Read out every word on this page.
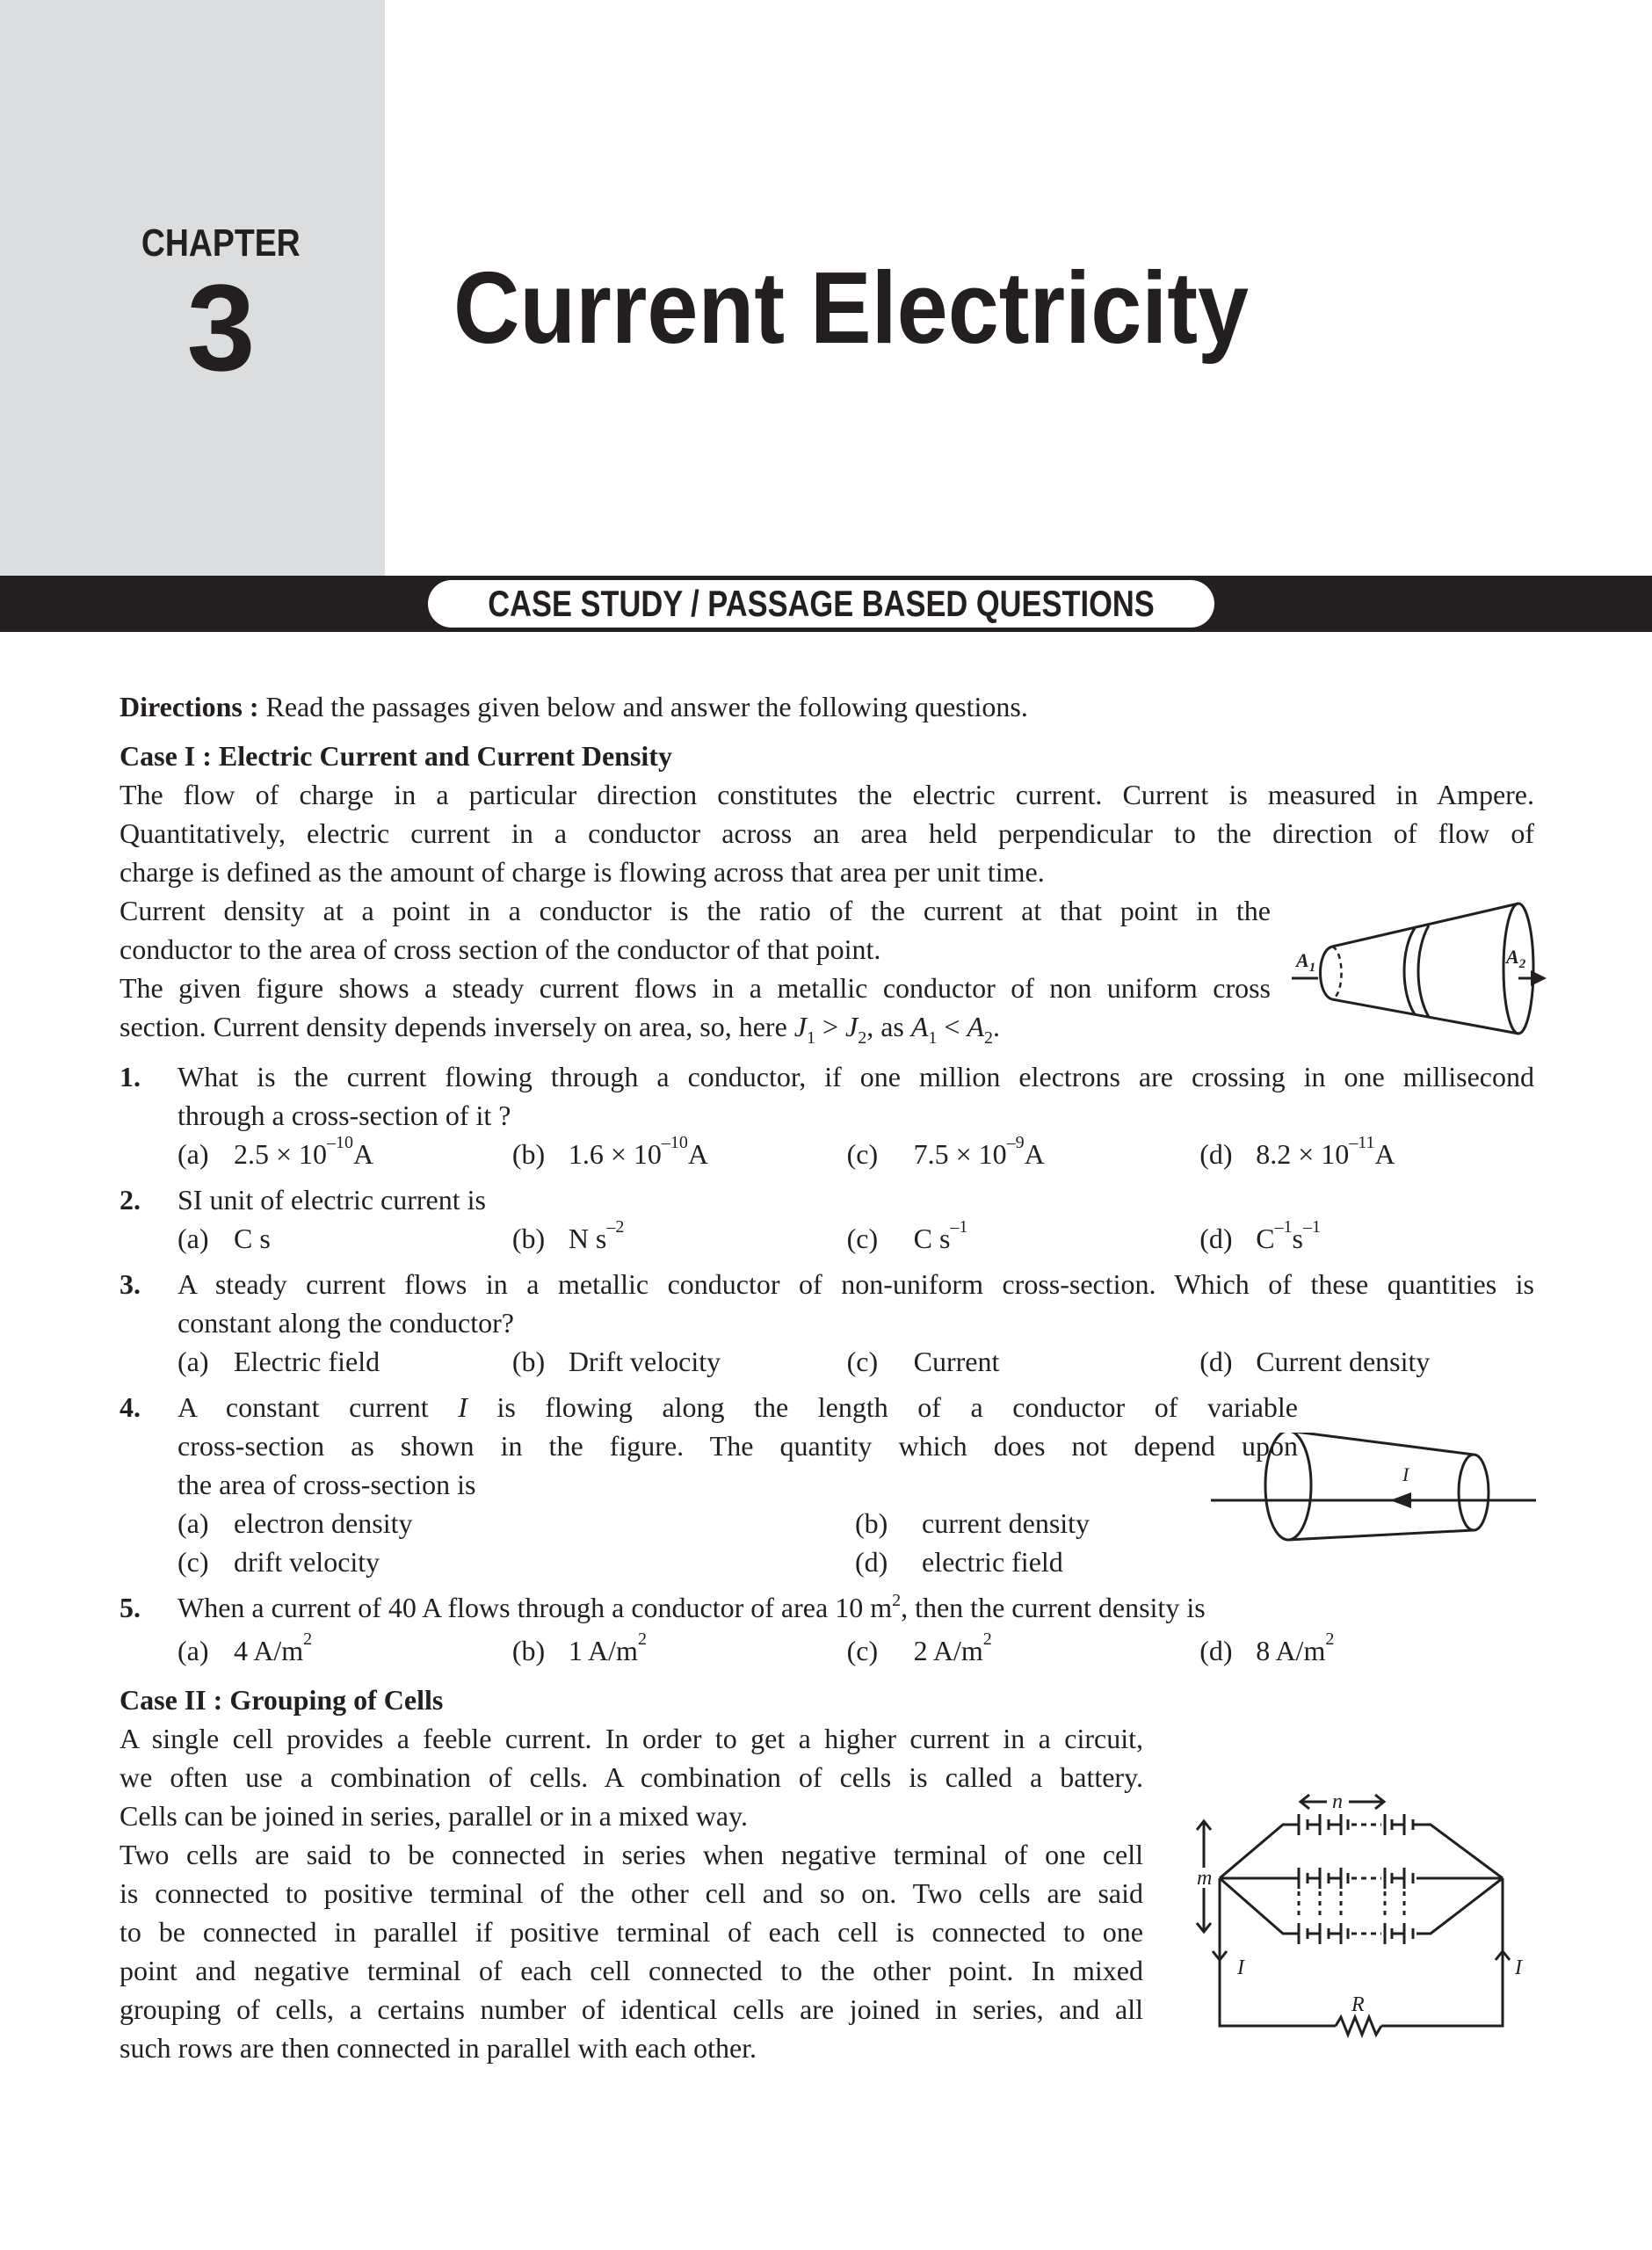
CHAPTER
3	Current Electricity
CASE STUDY / PASSAGE BASED QUESTIONS
Directions : Read the passages given below and answer the following questions.
Case I : Electric Current and Current Density
The flow of charge in a particular direction constitutes the electric current. Current is measured in Ampere.
Quantitatively, electric current in a conductor across an area held perpendicular to the direction of flow of
charge is defined as the amount of charge is flowing across that area per unit time.
Current density at a point in a conductor is the ratio of the current at that point in the
conductor to the area of cross section of the conductor of that point.
The given figure shows a steady current flows in a metallic conductor of non uniform cross
section. Current density depends inversely on area, so, here $J_1 > J_2$, as $A_1 < A_2$.
1. What is the current flowing through a conductor, if one million electrons are crossing in one millisecond
through a cross-section of it ?
(a) $2.5 \times 10^{-10}$ A	(b) $1.6 \times 10^{-10}$ A	(c)	$7.5 \times 10^{-9}$ A	(d) $8.2 \times 10^{-11}$ A
2. SI unit of electric current is
(a) C s	(b) N $s^{-2}$	(c)	C $s^{-1}$	(d) $C^{-1}$ $s^{-1}$
3. A steady current flows in a metallic conductor of non-uniform cross-section. Which of these quantities is
constant along the conductor?
(a) Electric field	(b) Drift velocity	(c)	Current	(d) Current density
4. A constant current I is flowing along the length of a conductor of variable
cross-section as shown in the figure. The quantity which does not depend upon
the area of cross-section is
(a) electron density	(b)	current density
(c) drift velocity	(d)	electric field
5. When a current of 40 A flows through a conductor of area 10 $m^2$, then the current density is
(a) 4 $A/m^2$	(b) 1 $A/m^2$	(c)	2 $A/m^2$	(d) 8 $A/m^2$
Case II : Grouping of Cells
A single cell provides a feeble current. In order to get a higher current in a circuit,
we often use a combination of cells. A combination of cells is called a battery.
Cells can be joined in series, parallel or in a mixed way.
Two cells are said to be connected in series when negative terminal of one cell
is connected to positive terminal of the other cell and so on. Two cells are said
to be connected in parallel if positive terminal of each cell is connected to one
point and negative terminal of each cell connected to the other point. In mixed
grouping of cells, a certains number of identical cells are joined in series, and all
such rows are then connected in parallel with each other.
$A_1$	$A_2$
I
n
m
I	I
R
